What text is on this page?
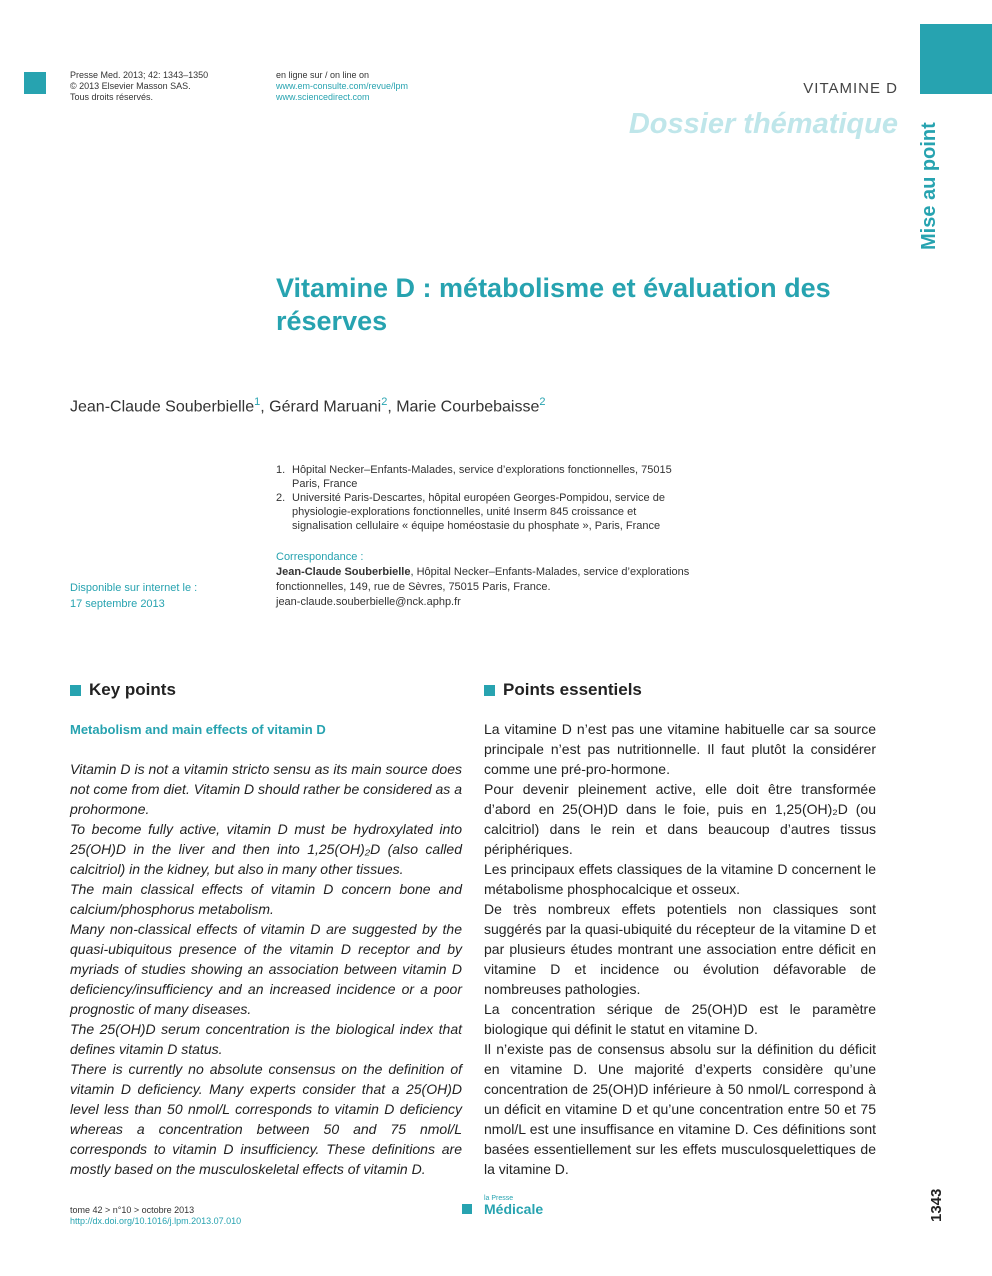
Presse Med. 2013; 42: 1343–1350
© 2013 Elsevier Masson SAS.
Tous droits réservés.
en ligne sur / on line on
www.em-consulte.com/revue/lpm
www.sciencedirect.com	VITAMINE D
Dossier thématique Mise au point
Vitamine D : métabolisme et évaluation des réserves
Jean-Claude Souberbielle$^1$, Gérard Maruani$^2$, Marie Courbebaisse$^2$
1. Hôpital Necker–Enfants-Malades, service d’explorations fonctionnelles, 75015 Paris, France
2. Université Paris-Descartes, hôpital européen Georges-Pompidou, service de physiologie-explorations fonctionnelles, unité Inserm 845 croissance et signalisation cellulaire « équipe homéostasie du phosphate », Paris, France
Correspondance :
Jean-Claude Souberbielle, Hôpital Necker–Enfants-Malades, service d’explorations fonctionnelles, 149, rue de Sèvres, 75015 Paris, France.
jean-claude.souberbielle@nck.aphp.fr
Disponible sur internet le :
17 septembre 2013
Key points
Metabolism and main effects of vitamin D

Vitamin D is not a vitamin stricto sensu as its main source does not come from diet. Vitamin D should rather be considered as a prohormone.

To become fully active, vitamin D must be hydroxylated into 25(OH)D in the liver and then into 1,25(OH)₂D (also called calcitriol) in the kidney, but also in many other tissues.

The main classical effects of vitamin D concern bone and calcium/phosphorus metabolism.

Many non-classical effects of vitamin D are suggested by the quasi-ubiquitous presence of the vitamin D receptor and by myriads of studies showing an association between vitamin D deficiency/insufficiency and an increased incidence or a poor prognostic of many diseases.

The 25(OH)D serum concentration is the biological index that defines vitamin D status.

There is currently no absolute consensus on the definition of vitamin D deficiency. Many experts consider that a 25(OH)D level less than 50 nmol/L corresponds to vitamin D deficiency whereas a concentration between 50 and 75 nmol/L corresponds to vitamin D insufficiency. These definitions are mostly based on the musculoskeletal effects of vitamin D.

Points essentiels

La vitamine D n’est pas une vitamine habituelle car sa source principale n’est pas nutritionnelle. Il faut plutôt la considérer comme une pré-pro-hormone.

Pour devenir pleinement active, elle doit être transformée d’abord en 25(OH)D dans le foie, puis en 1,25(OH)₂D (ou calcitriol) dans le rein et dans beaucoup d’autres tissus périphériques.

Les principaux effets classiques de la vitamine D concernent le métabolisme phosphocalcique et osseux.

De très nombreux effets potentiels non classiques sont suggérés par la quasi-ubiquité du récepteur de la vitamine D et par plusieurs études montrant une association entre déficit en vitamine D et incidence ou évolution défavorable de nombreuses pathologies.

La concentration sérique de 25(OH)D est le paramètre biologique qui définit le statut en vitamine D.

Il n’existe pas de consensus absolu sur la définition du déficit en vitamine D. Une majorité d’experts considère qu’une concentration de 25(OH)D inférieure à 50 nmol/L correspond à un déficit en vitamine D et qu’une concentration entre 50 et 75 nmol/L est une insuffisance en vitamine D. Ces définitions sont basées essentiellement sur les effets musculosquelettiques de la vitamine D.

tome 42 > n°10 > octobre 2013
http://dx.doi.org/10.1016/j.lpm.2013.07.010
la Presse
Médicale	1343
